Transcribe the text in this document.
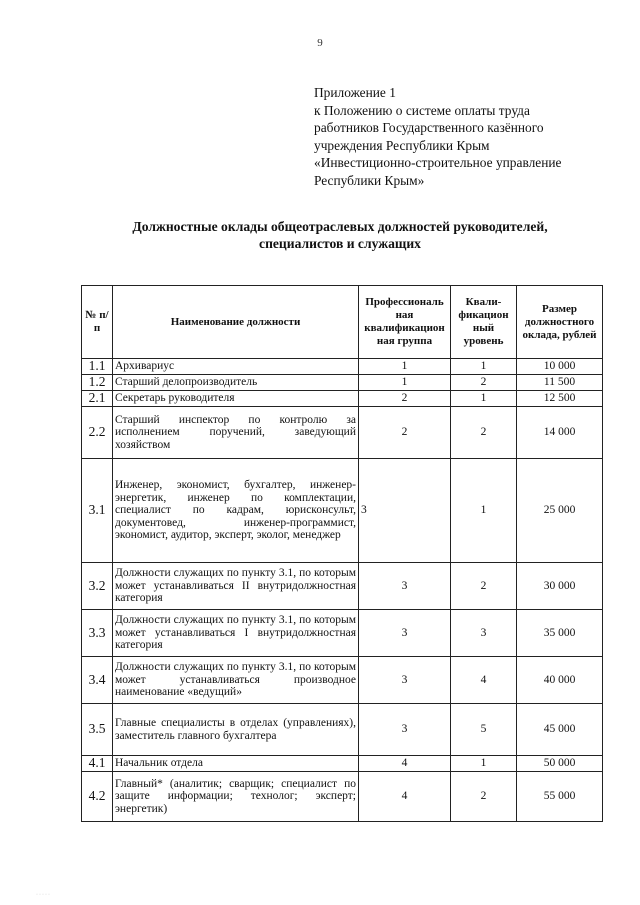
9
Приложение 1
к Положению о системе оплаты труда
работников Государственного казённого
учреждения Республики Крым
«Инвестиционно-строительное управление
Республики Крым»
Должностные оклады общеотраслевых должностей руководителей,
специалистов и служащих
№ п/п	Наименование должности	Профессиональ ная квалификацион ная группа	Квали- фикацион ный уровень	Размер должностного оклада, рублей
1.1	Архивариус	1	1	10 000
1.2	Старший делопроизводитель	1	2	11 500
2.1	Секретарь руководителя	2	1	12 500
2.2	Старший инспектор по контролю за исполнением поручений, заведующий хозяйством	2	2	14 000
3.1	Инженер, экономист, бухгалтер, инженер-энергетик, инженер по комплектации, специалист по кадрам, юрисконсульт, документовед, инженер-программист, экономист, аудитор, эксперт, эколог, менеджер	3	1	25 000
3.2	Должности служащих по пункту 3.1, по которым может устанавливаться II внутридолжностная категория	3	2	30 000
3.3	Должности служащих по пункту 3.1, по которым может устанавливаться I внутридолжностная категория	3	3	35 000
3.4	Должности служащих по пункту 3.1, по которым может устанавливаться производное наименование «ведущий»	3	4	40 000
3.5	Главные специалисты в отделах (управлениях), заместитель главного бухгалтера	3	5	45 000
4.1	Начальник отдела	4	1	50 000
4.2	Главный* (аналитик; сварщик; специалист по защите информации; технолог; эксперт; энергетик)	4	2	55 000
·····
